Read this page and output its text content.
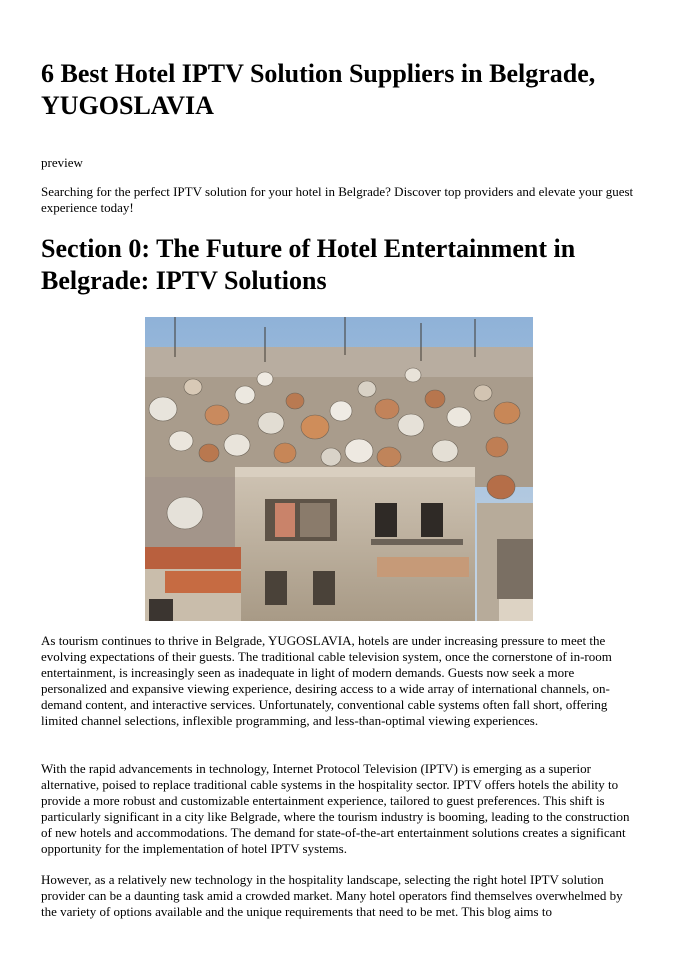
6 Best Hotel IPTV Solution Suppliers in Belgrade, YUGOSLAVIA

preview

Searching for the perfect IPTV solution for your hotel in Belgrade? Discover top providers and elevate your guest experience today!

Section 0: The Future of Hotel Entertainment in Belgrade: IPTV Solutions

As tourism continues to thrive in Belgrade, YUGOSLAVIA, hotels are under increasing pressure to meet the evolving expectations of their guests. The traditional cable television system, once the cornerstone of in-room entertainment, is increasingly seen as inadequate in light of modern demands. Guests now seek a more personalized and expansive viewing experience, desiring access to a wide array of international channels, on-demand content, and interactive services. Unfortunately, conventional cable systems often fall short, offering limited channel selections, inflexible programming, and less-than-optimal viewing experiences.

With the rapid advancements in technology, Internet Protocol Television (IPTV) is emerging as a superior alternative, poised to replace traditional cable systems in the hospitality sector. IPTV offers hotels the ability to provide a more robust and customizable entertainment experience, tailored to guest preferences. This shift is particularly significant in a city like Belgrade, where the tourism industry is booming, leading to the construction of new hotels and accommodations. The demand for state-of-the-art entertainment solutions creates a significant opportunity for the implementation of hotel IPTV systems.

However, as a relatively new technology in the hospitality landscape, selecting the right hotel IPTV solution provider can be a daunting task amid a crowded market. Many hotel operators find themselves overwhelmed by the variety of options available and the unique requirements that need to be met. This blog aims to
